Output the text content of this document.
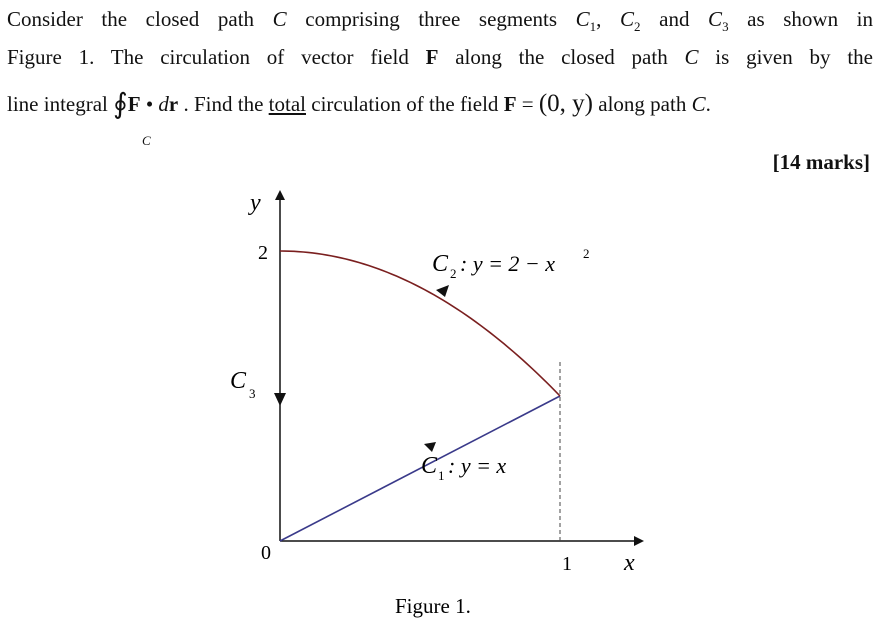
Consider the closed path C comprising three segments $C_1$, $C_2$ and $C_3$ as shown in
Figure 1. The circulation of vector field F along the closed path C is given by the
line integral ∮F • dr . Find the total circulation of the field F = (0, y) along path C.
C
[14 marks]
y
x
0
2
1
C 2 : y = 2 − x 2
C 1 : y = x
C 3
Figure 1.
